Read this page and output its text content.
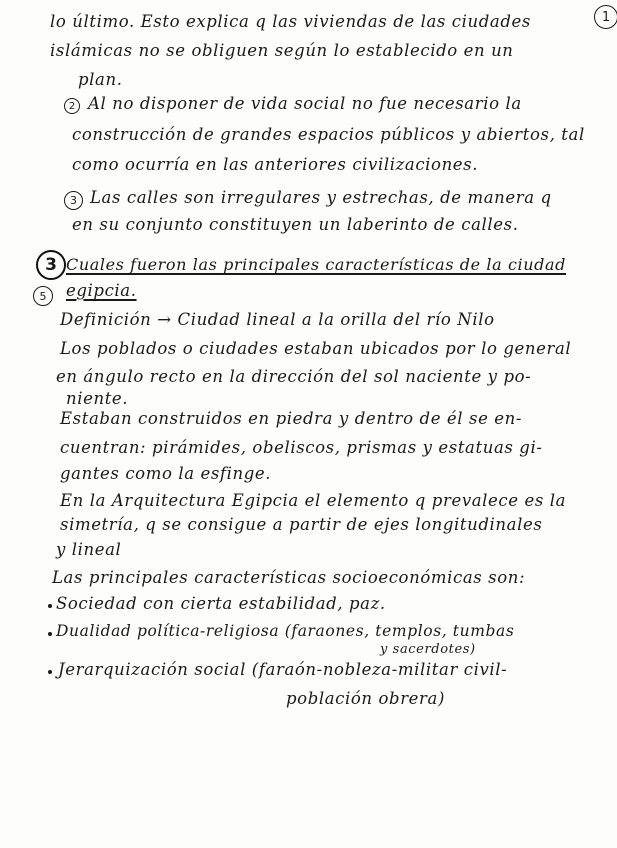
1
lo último. Esto explica q las viviendas de las ciudades
islámicas no se obliguen según lo establecido en un
plan.
2 Al no disponer de vida social no fue necesario la
construcción de grandes espacios públicos y abiertos, tal
como ocurría en las anteriores civilizaciones.
3 Las calles son irregulares y estrechas, de manera q
en su conjunto constituyen un laberinto de calles.
3 Cuales fueron las principales características de la ciudad
5 egipcia.
Definición → Ciudad lineal a la orilla del río Nilo
Los poblados o ciudades estaban ubicados por lo general
en ángulo recto en la dirección del sol naciente y po-
niente.
Estaban construidos en piedra y dentro de él se en-
cuentran: pirámides, obeliscos, prismas y estatuas gi-
gantes como la esfinge.
En la Arquitectura Egipcia el elemento q prevalece es la
simetría, q se consigue a partir de ejes longitudinales
y lineal
Las principales características socioeconómicas son:
Sociedad con cierta estabilidad, paz.
Dualidad política-religiosa (faraones, templos, tumbas
y sacerdotes)
Jerarquización social (faraón-nobleza-militar civil-
población obrera)
